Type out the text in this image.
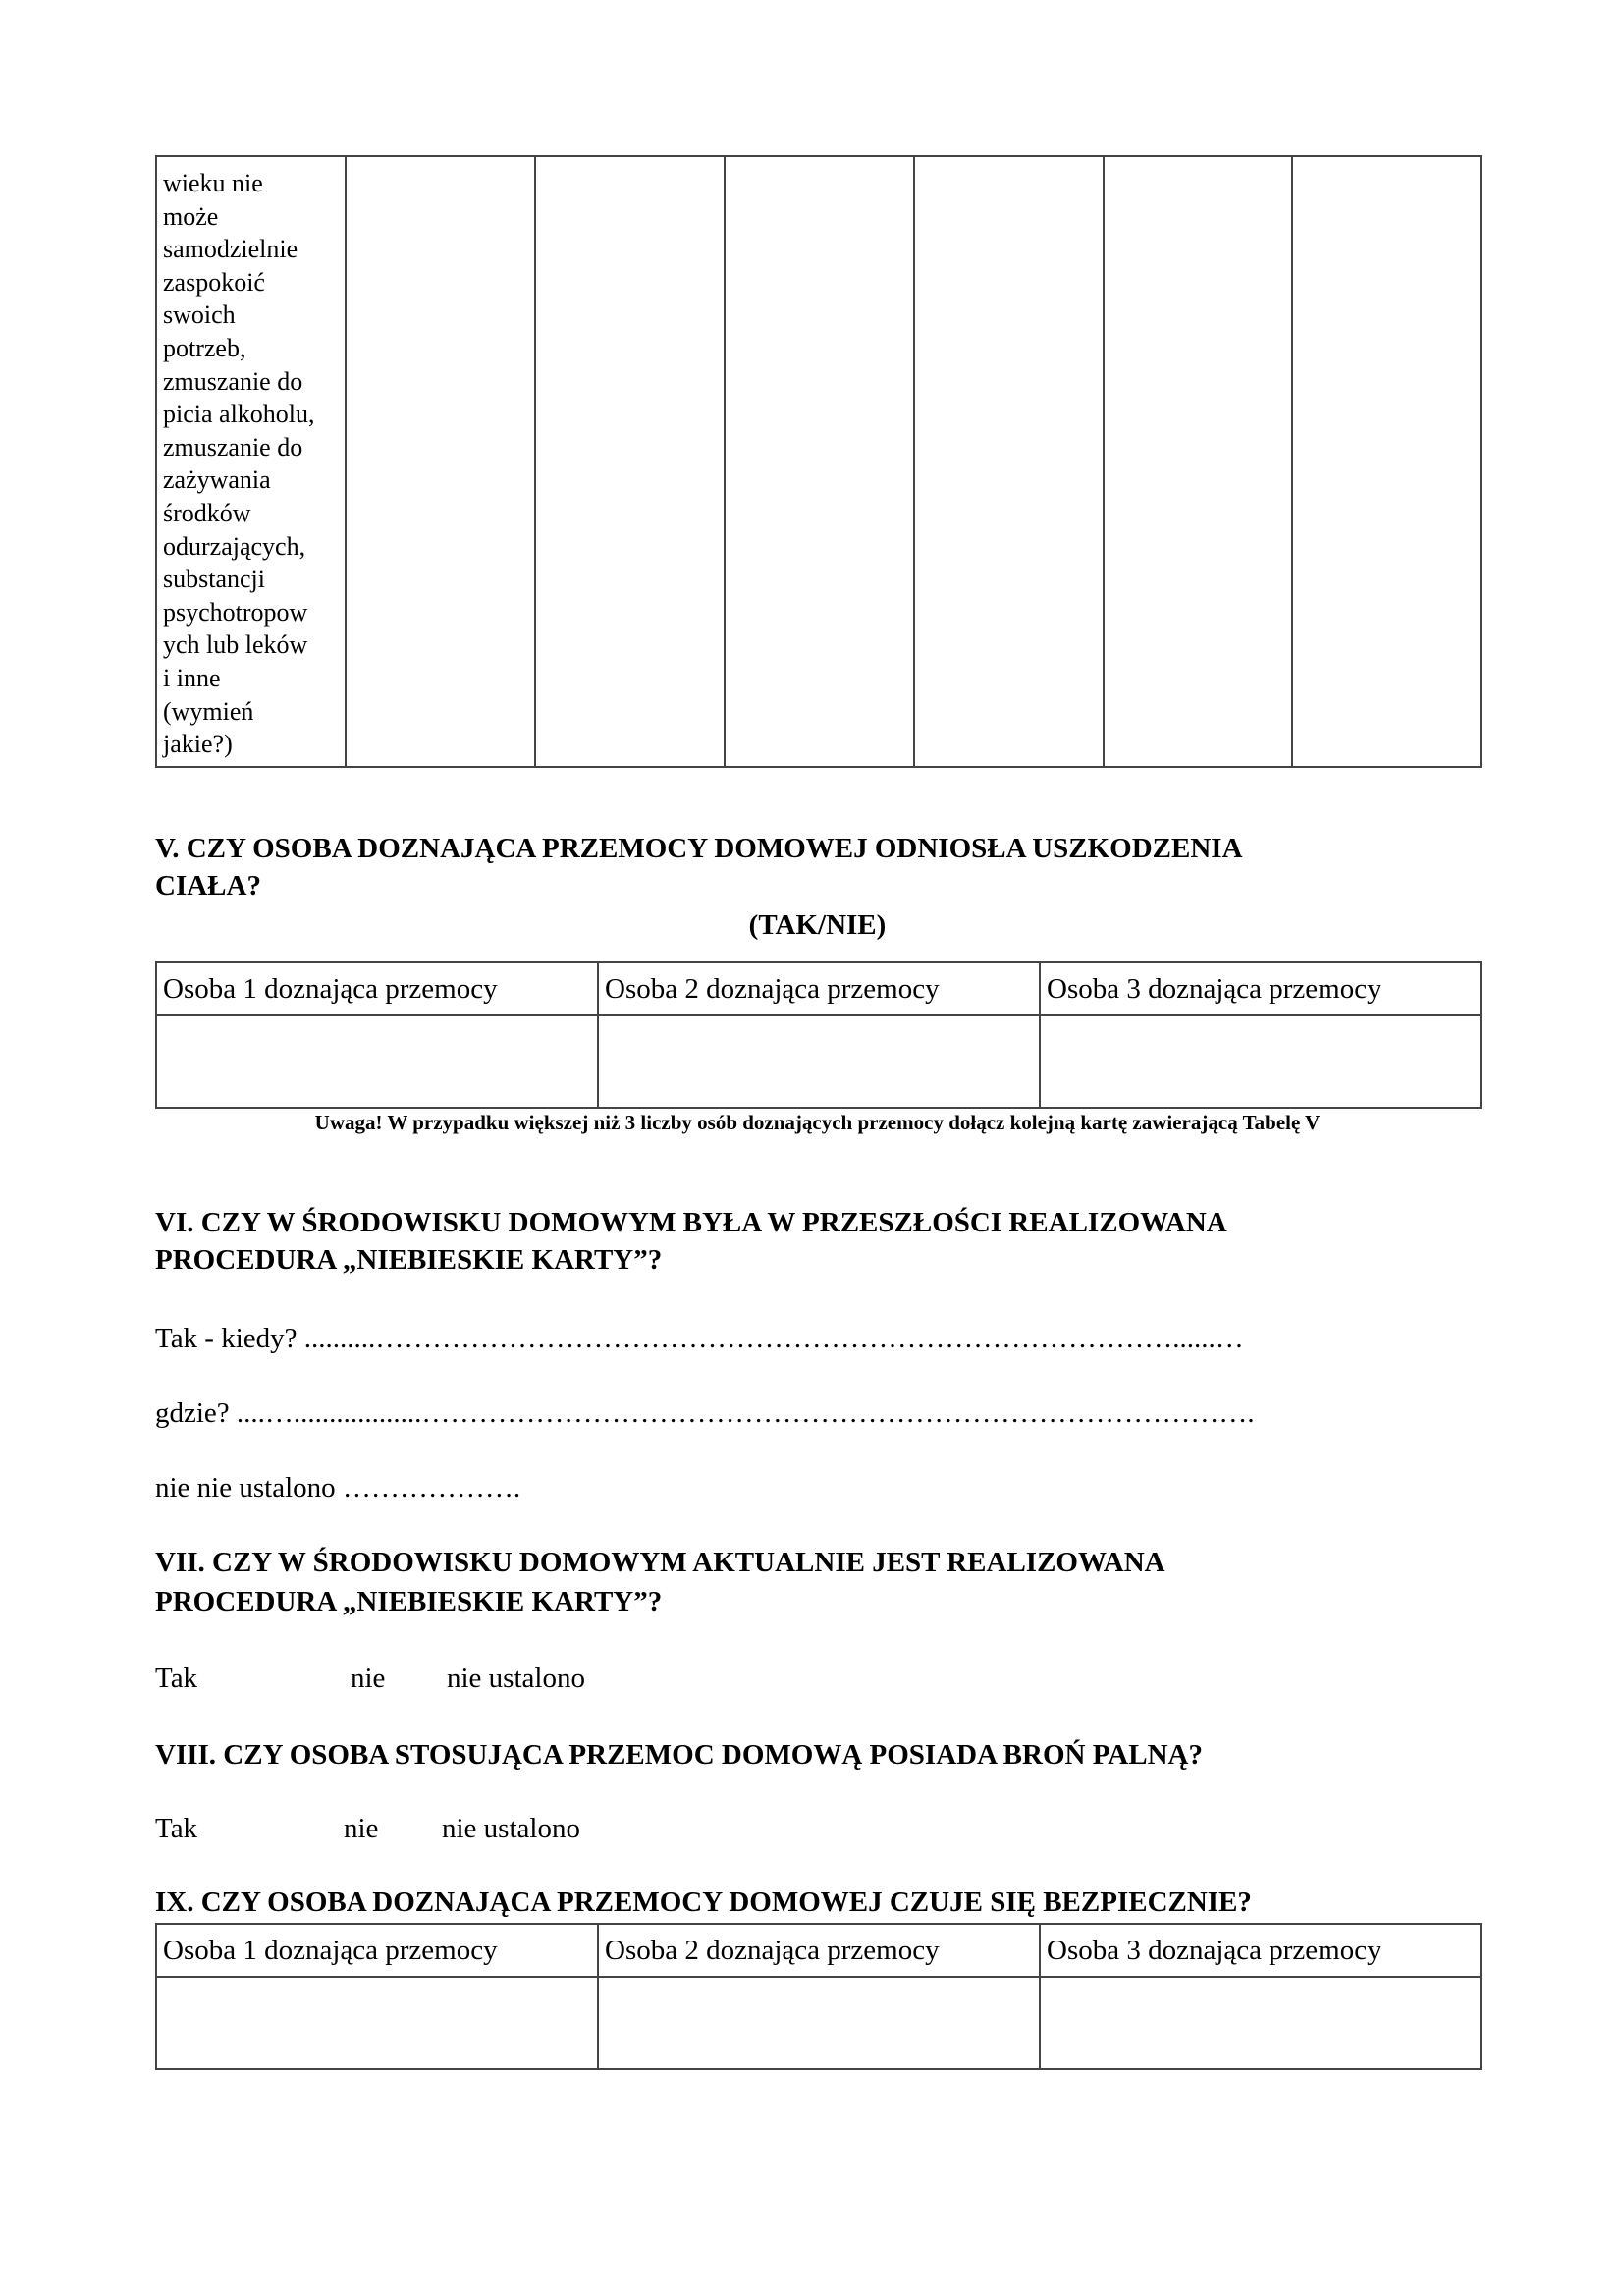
wieku nie
może
samodzielnie
zaspokoić
swoich
potrzeb,
zmuszanie do
picia alkoholu,
zmuszanie do
zażywania
środków
odurzających,
substancji
psychotropow
ych lub leków
i inne
(wymień
jakie?)

V. CZY OSOBA DOZNAJĄCA PRZEMOCY DOMOWEJ ODNIOSŁA USZKODZENIA
CIAŁA?
(TAK/NIE)
Osoba 1 doznająca przemocy	Osoba 2 doznająca przemocy	Osoba 3 doznająca przemocy

Uwaga! W przypadku większej niż 3 liczby osób doznających przemocy dołącz kolejną kartę zawierającą Tabelę V
VI. CZY W ŚRODOWISKU DOMOWYM BYŁA W PRZESZŁOŚCI REALIZOWANA
PROCEDURA „NIEBIESKIE KARTY”?
Tak - kiedy? ..........…………………………………………………………………………......…
gdzie? ....…..................…………………………………………………………………………….
nie nie ustalono ……………….
VII. CZY W ŚRODOWISKU DOMOWYM AKTUALNIE JEST REALIZOWANA
PROCEDURA „NIEBIESKIE KARTY”?
Tak	nie nie ustalono
VIII. CZY OSOBA STOSUJĄCA PRZEMOC DOMOWĄ POSIADA BROŃ PALNĄ?
Tak	nie nie ustalono
IX. CZY OSOBA DOZNAJĄCA PRZEMOCY DOMOWEJ CZUJE SIĘ BEZPIECZNIE?
Osoba 1 doznająca przemocy	Osoba 2 doznająca przemocy	Osoba 3 doznająca przemocy
